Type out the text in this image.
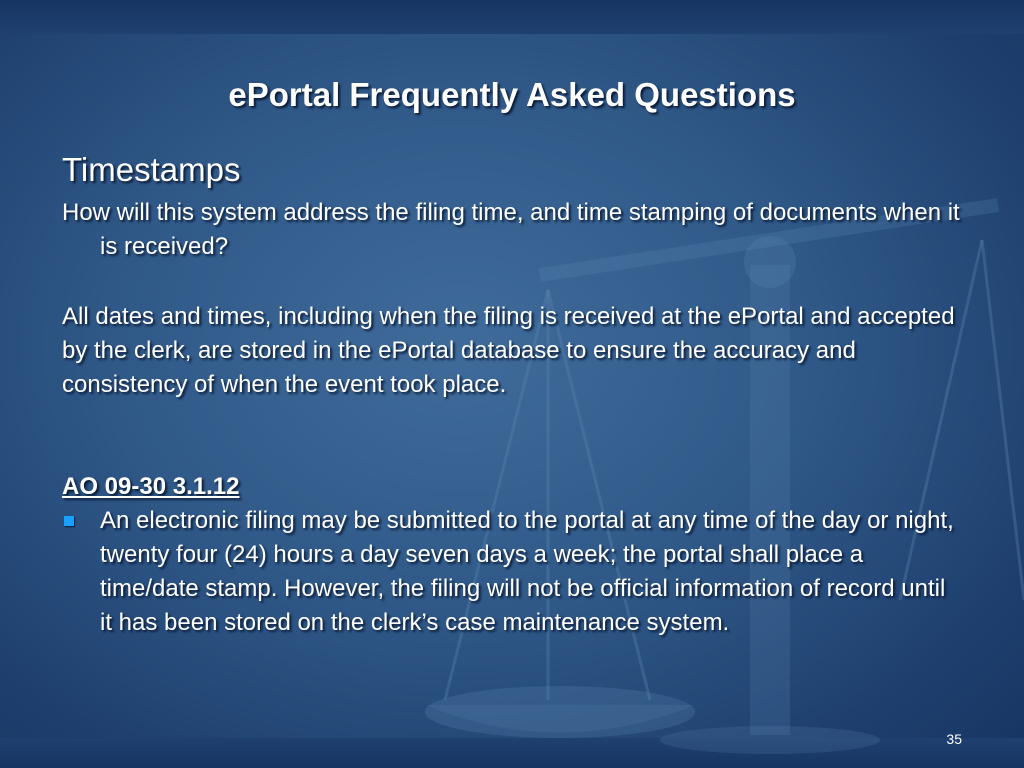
ePortal Frequently Asked Questions
Timestamps

How will this system address the filing time, and time stamping of documents when it is received?

All dates and times, including when the filing is received at the ePortal and accepted by the clerk, are stored in the ePortal database to ensure the accuracy and consistency of when the event took place.

AO 09-30 3.1.12

An electronic filing may be submitted to the portal at any time of the day or night, twenty four (24) hours a day seven days a week; the portal shall place a time/date stamp. However, the filing will not be official information of record until it has been stored on the clerk’s case maintenance system.
35
